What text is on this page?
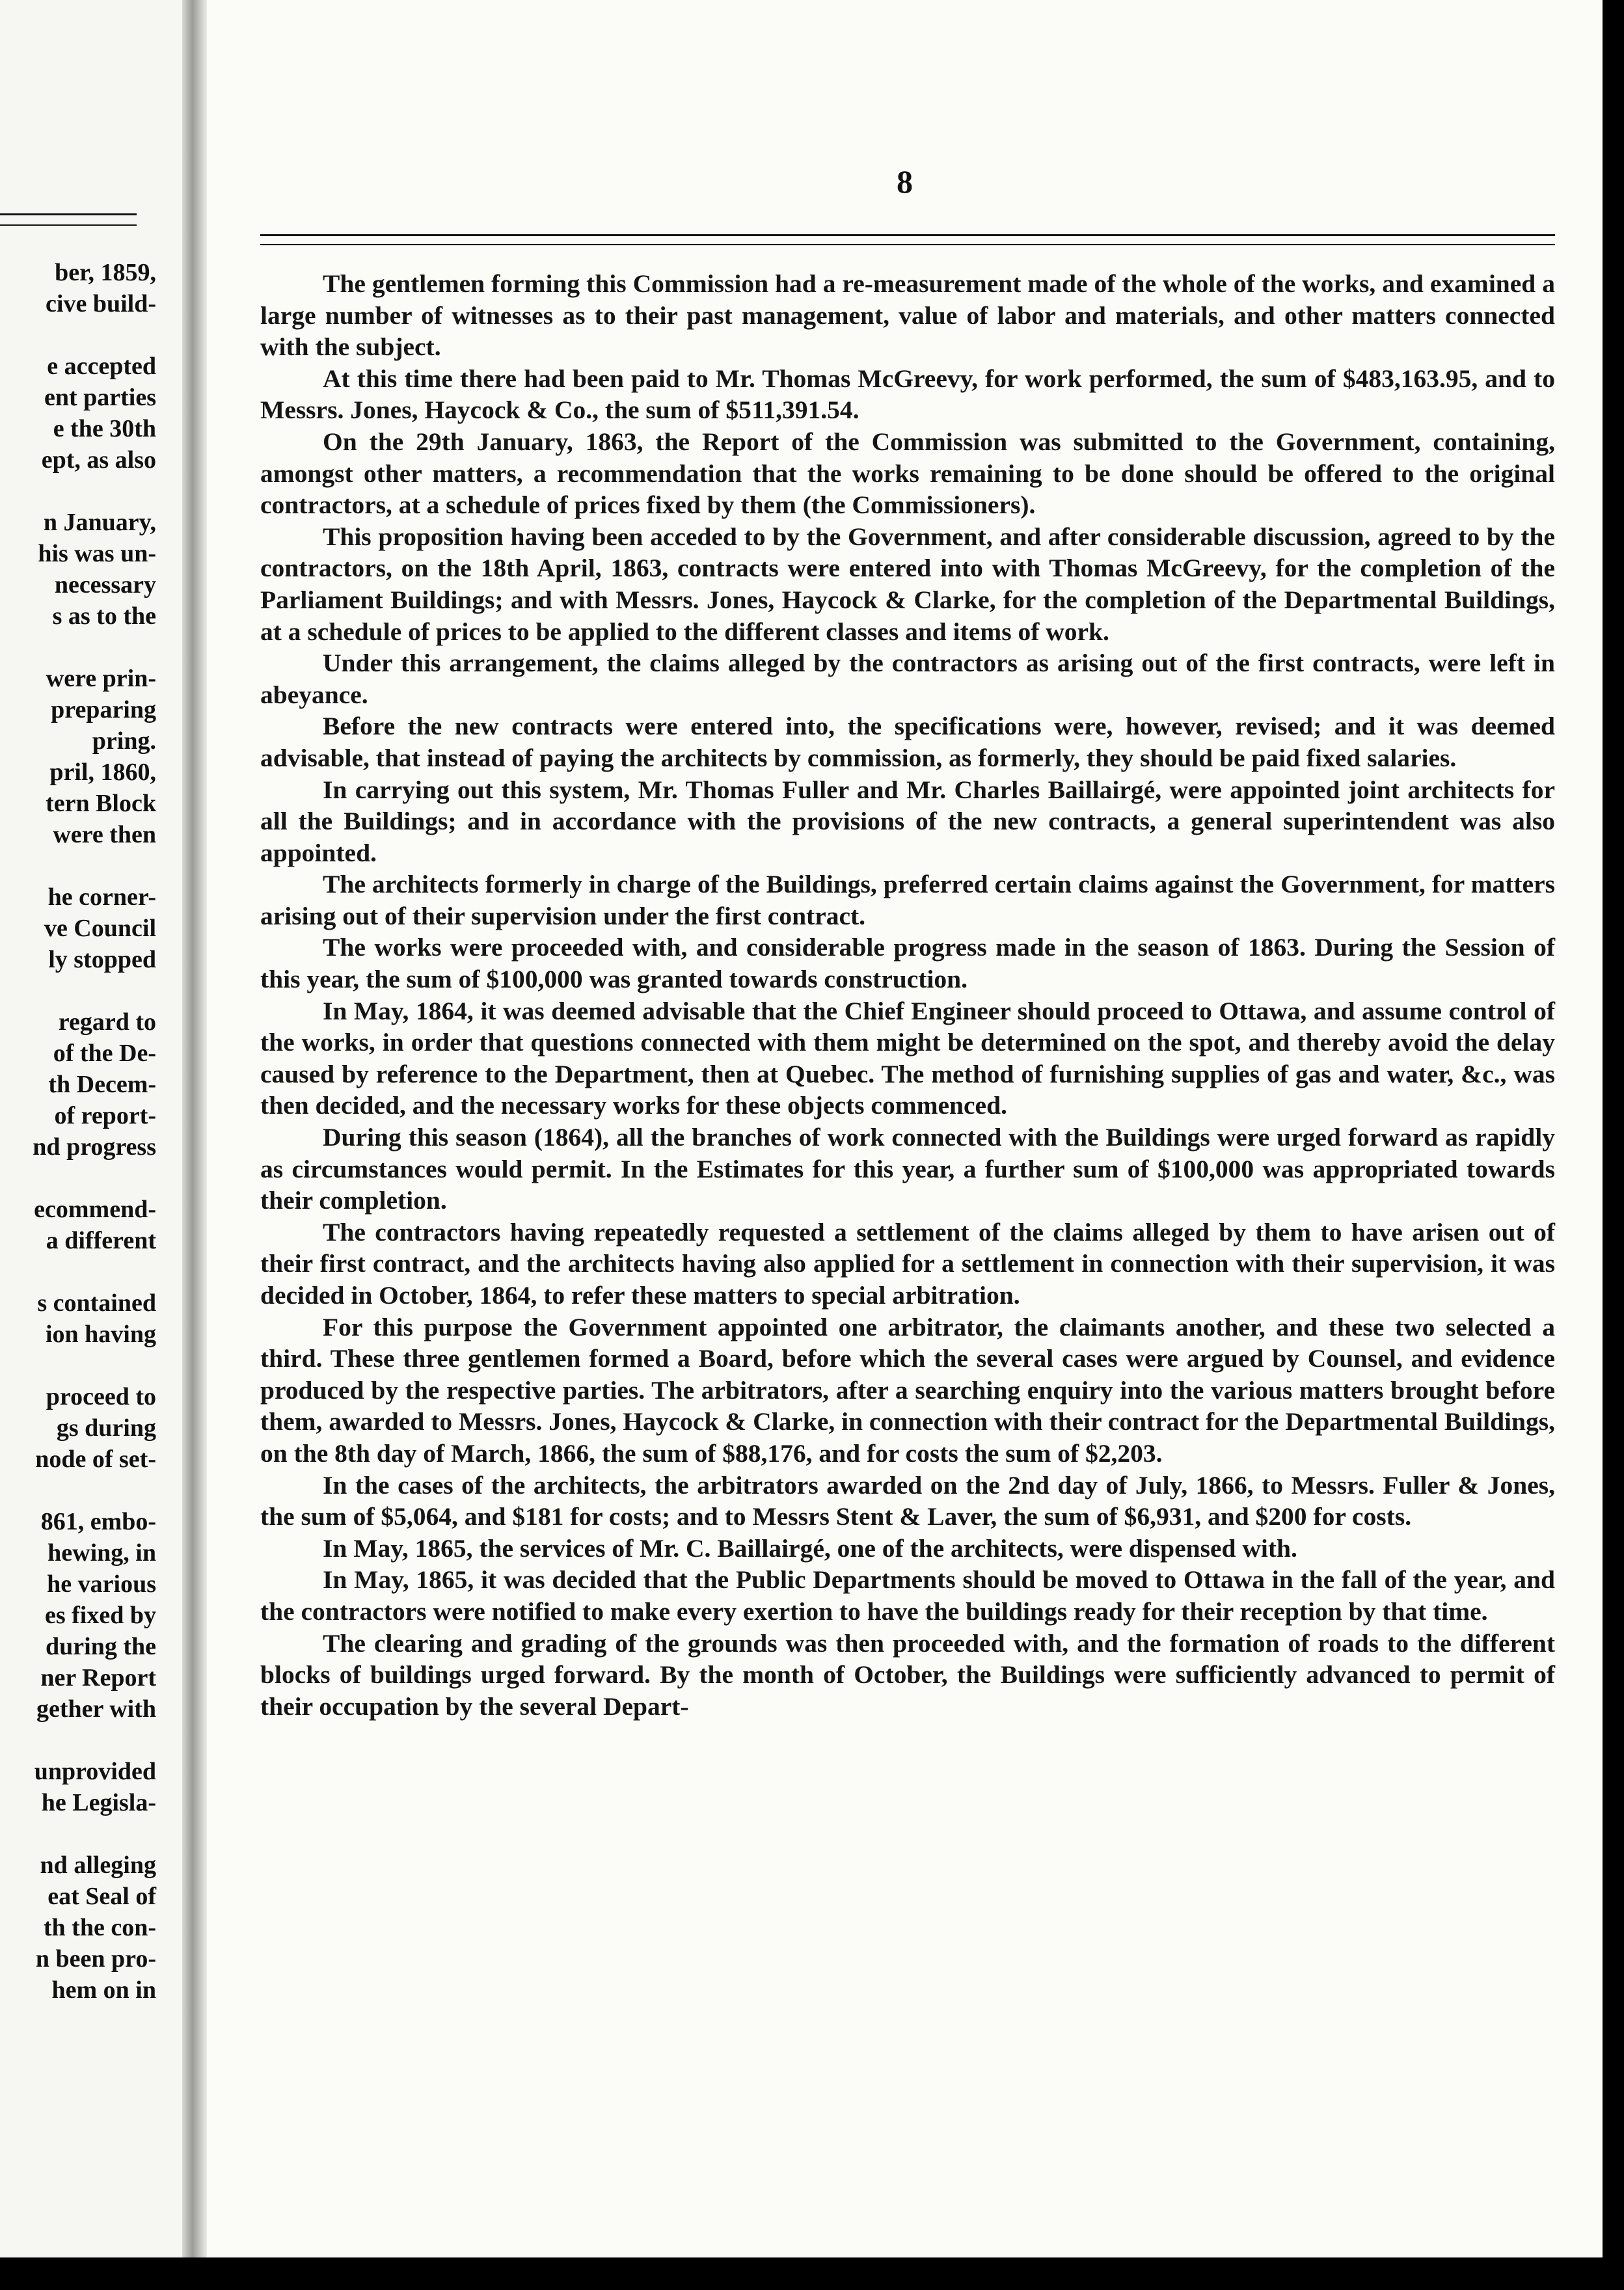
ber, 1859,
cive build-
e accepted
ent parties
e the 30th
ept, as also
n January,
his was un-
necessary
s as to the
were prin-
preparing
pring.
pril, 1860,
tern Block
were then
he corner-
ve Council
ly stopped
regard to
of the De-
th Decem-
of report-
nd progress
ecommend-
a different
s contained
ion having
proceed to
gs during
node of set-
861, embo-
hewing, in
he various
es fixed by
during the
ner Report
gether with
unprovided
he Legisla-
nd alleging
eat Seal of
th the con-
n been pro-
hem on in
8

The gentlemen forming this Commission had a re-measurement made of the whole of the works, and examined a large number of witnesses as to their past management, value of labor and materials, and other matters connected with the subject.

At this time there had been paid to Mr. Thomas McGreevy, for work performed, the sum of $483,163.95, and to Messrs. Jones, Haycock & Co., the sum of $511,391.54.

On the 29th January, 1863, the Report of the Commission was submitted to the Government, containing, amongst other matters, a recommendation that the works remaining to be done should be offered to the original contractors, at a schedule of prices fixed by them (the Commissioners).

This proposition having been acceded to by the Government, and after considerable discussion, agreed to by the contractors, on the 18th April, 1863, contracts were entered into with Thomas McGreevy, for the completion of the Parliament Buildings; and with Messrs. Jones, Haycock & Clarke, for the completion of the Departmental Buildings, at a schedule of prices to be applied to the different classes and items of work.

Under this arrangement, the claims alleged by the contractors as arising out of the first contracts, were left in abeyance.

Before the new contracts were entered into, the specifications were, however, revised; and it was deemed advisable, that instead of paying the architects by commission, as formerly, they should be paid fixed salaries.

In carrying out this system, Mr. Thomas Fuller and Mr. Charles Baillairgé, were appointed joint architects for all the Buildings; and in accordance with the provisions of the new contracts, a general superintendent was also appointed.

The architects formerly in charge of the Buildings, preferred certain claims against the Government, for matters arising out of their supervision under the first contract.

The works were proceeded with, and considerable progress made in the season of 1863. During the Session of this year, the sum of $100,000 was granted towards construction.

In May, 1864, it was deemed advisable that the Chief Engineer should proceed to Ottawa, and assume control of the works, in order that questions connected with them might be determined on the spot, and thereby avoid the delay caused by reference to the Department, then at Quebec. The method of furnishing supplies of gas and water, &c., was then decided, and the necessary works for these objects commenced.

During this season (1864), all the branches of work connected with the Buildings were urged forward as rapidly as circumstances would permit. In the Estimates for this year, a further sum of $100,000 was appropriated towards their completion.

The contractors having repeatedly requested a settlement of the claims alleged by them to have arisen out of their first contract, and the architects having also applied for a settlement in connection with their supervision, it was decided in October, 1864, to refer these matters to special arbitration.

For this purpose the Government appointed one arbitrator, the claimants another, and these two selected a third. These three gentlemen formed a Board, before which the several cases were argued by Counsel, and evidence produced by the respective parties. The arbitrators, after a searching enquiry into the various matters brought before them, awarded to Messrs. Jones, Haycock & Clarke, in connection with their contract for the Departmental Buildings, on the 8th day of March, 1866, the sum of $88,176, and for costs the sum of $2,203.

In the cases of the architects, the arbitrators awarded on the 2nd day of July, 1866, to Messrs. Fuller & Jones, the sum of $5,064, and $181 for costs; and to Messrs Stent & Laver, the sum of $6,931, and $200 for costs.

In May, 1865, the services of Mr. C. Baillairgé, one of the architects, were dispensed with.

In May, 1865, it was decided that the Public Departments should be moved to Ottawa in the fall of the year, and the contractors were notified to make every exertion to have the buildings ready for their reception by that time.

The clearing and grading of the grounds was then proceeded with, and the formation of roads to the different blocks of buildings urged forward. By the month of October, the Buildings were sufficiently advanced to permit of their occupation by the several Depart-
